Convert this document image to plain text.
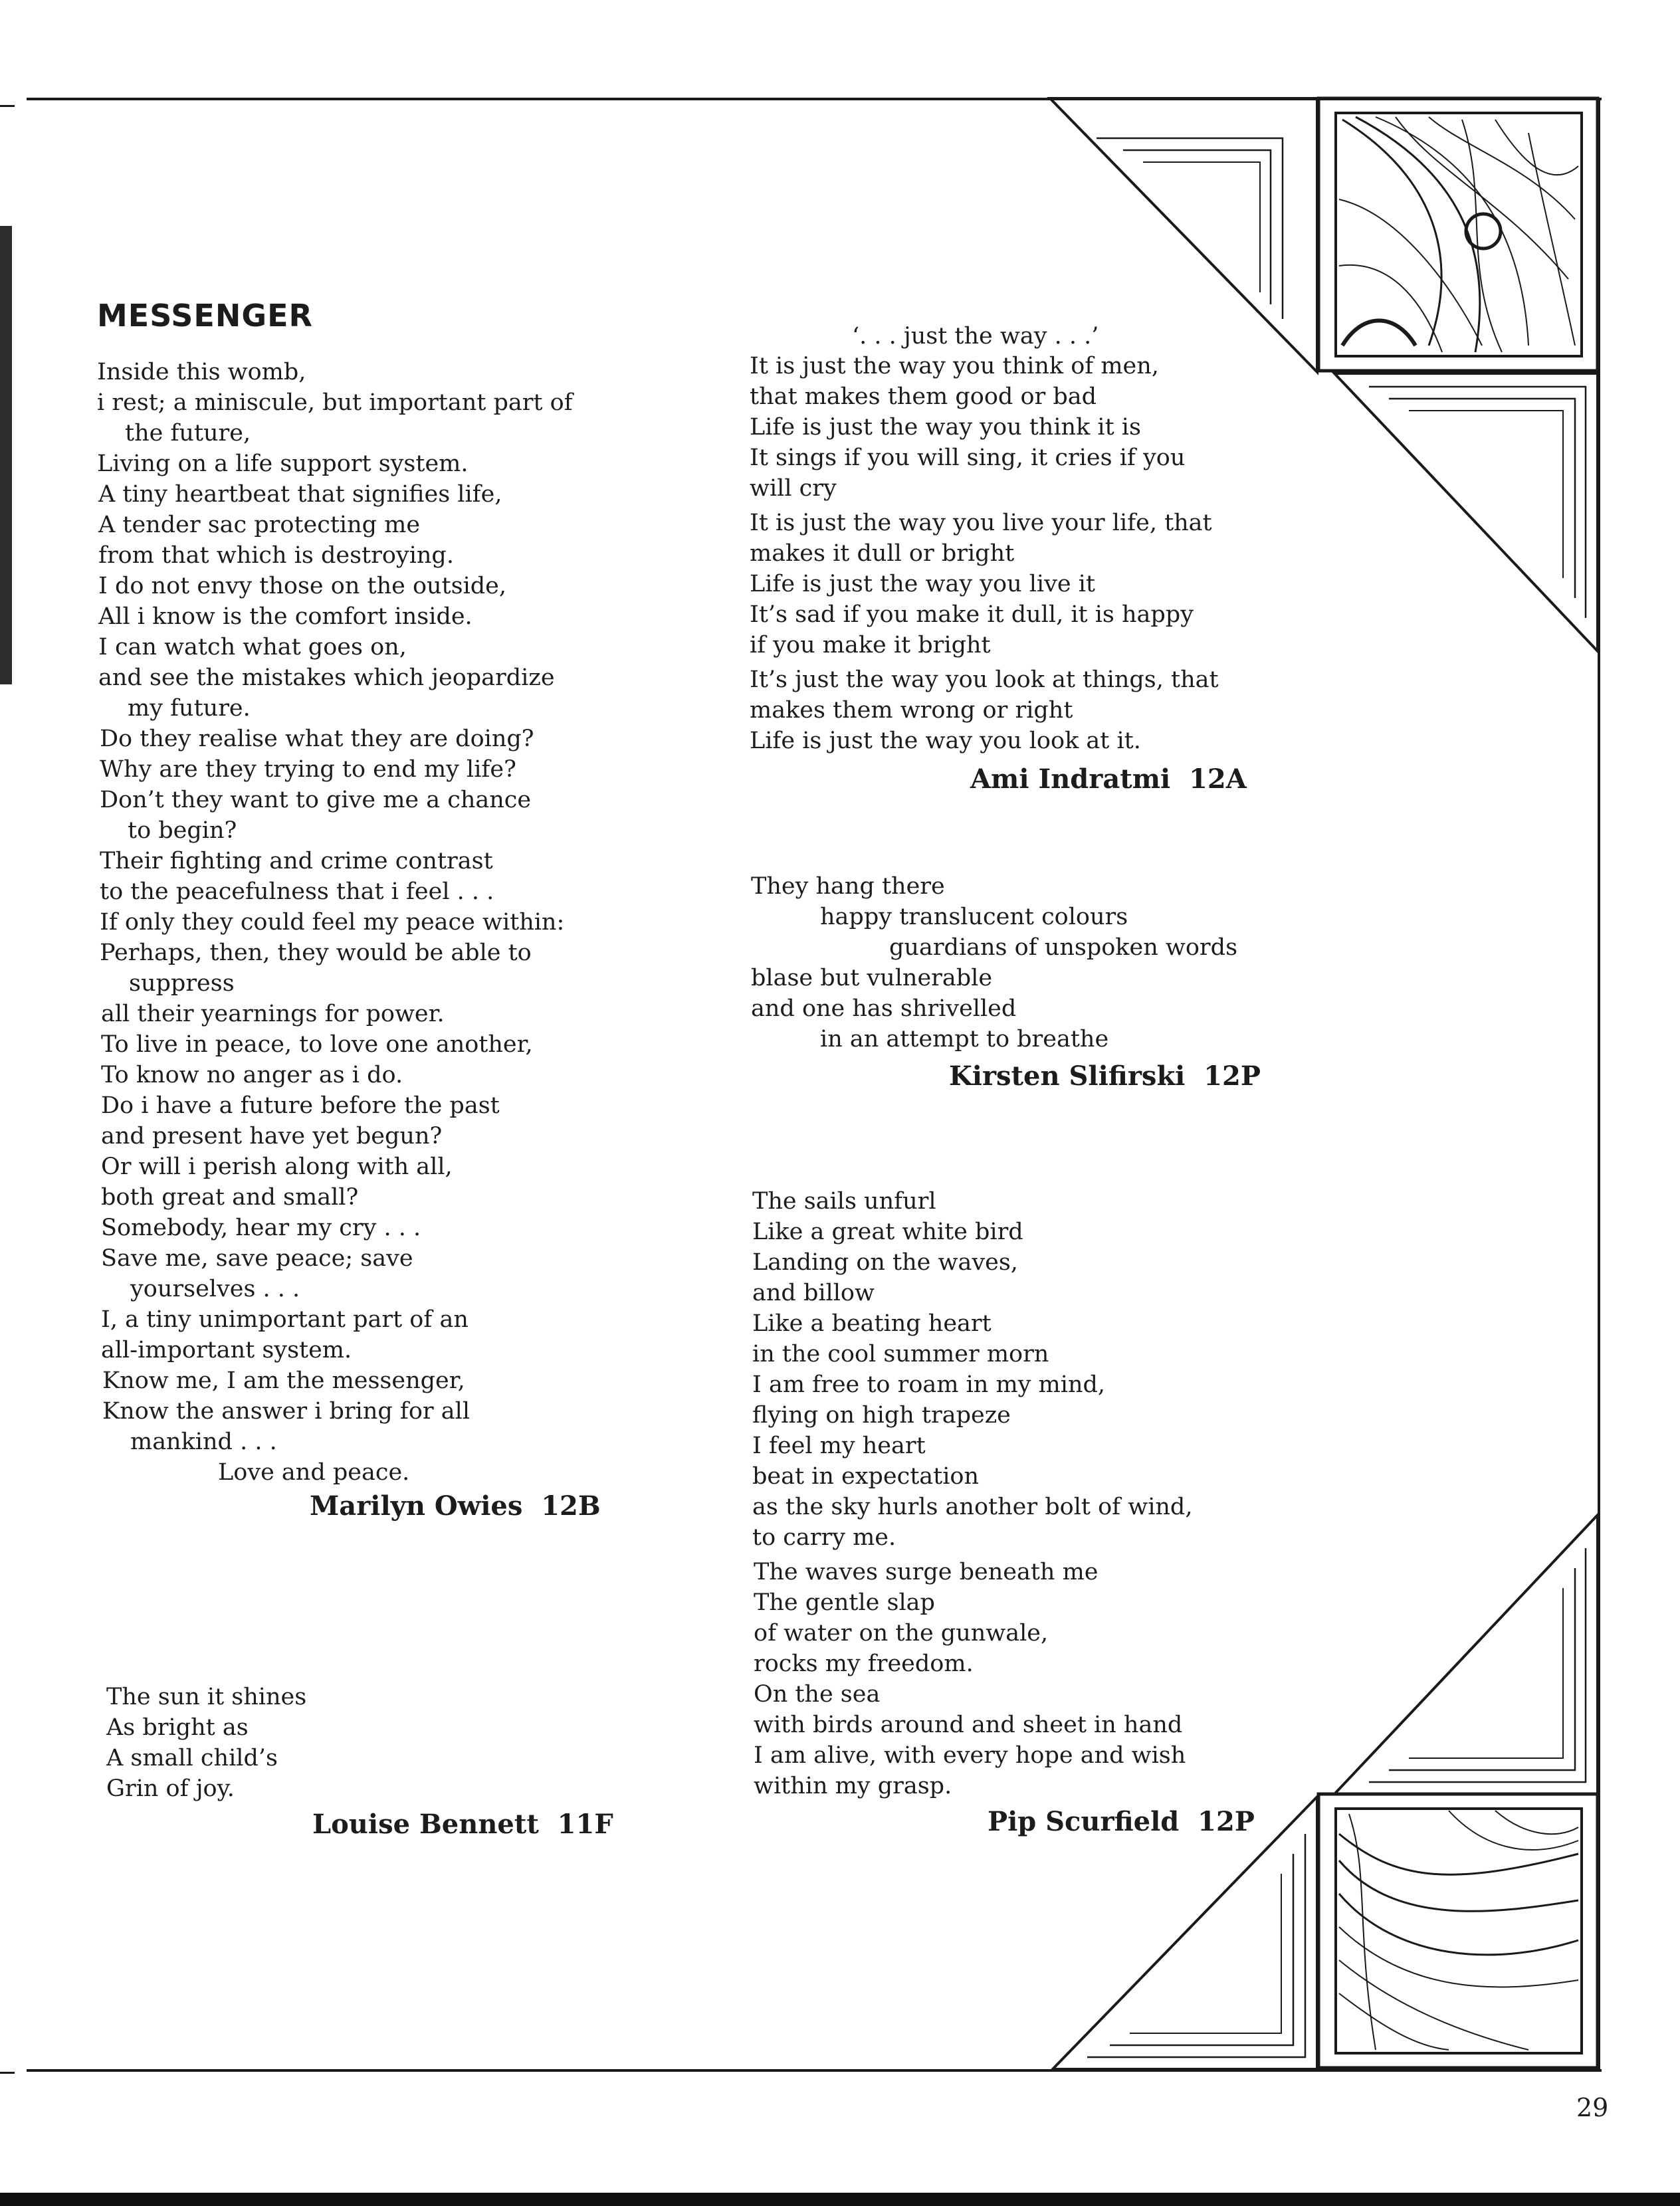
MESSENGER
Inside this womb,
i rest; a miniscule, but important part of
the future,
Living on a life support system.
A tiny heartbeat that signifies life,
A tender sac protecting me
from that which is destroying.
I do not envy those on the outside,
All i know is the comfort inside.
I can watch what goes on,
and see the mistakes which jeopardize
my future.
Do they realise what they are doing?
Why are they trying to end my life?
Don’t they want to give me a chance
to begin?
Their fighting and crime contrast
to the peacefulness that i feel . . .
If only they could feel my peace within:
Perhaps, then, they would be able to
suppress
all their yearnings for power.
To live in peace, to love one another,
To know no anger as i do.
Do i have a future before the past
and present have yet begun?
Or will i perish along with all,
both great and small?
Somebody, hear my cry . . .
Save me, save peace; save
yourselves . . .
I, a tiny unimportant part of an
all-important system.
Know me, I am the messenger,
Know the answer i bring for all
mankind . . .
Love and peace.
Marilyn Owies  12B
The sun it shines
As bright as
A small child’s
Grin of joy.
Louise Bennett  11F
‘. . . just the way . . .’
It is just the way you think of men,
that makes them good or bad
Life is just the way you think it is
It sings if you will sing, it cries if you
will cry
It is just the way you live your life, that
makes it dull or bright
Life is just the way you live it
It’s sad if you make it dull, it is happy
if you make it bright
It’s just the way you look at things, that
makes them wrong or right
Life is just the way you look at it.
Ami Indratmi  12A
They hang there
happy translucent colours
guardians of unspoken words
blase but vulnerable
and one has shrivelled
in an attempt to breathe
Kirsten Slifirski  12P
The sails unfurl
Like a great white bird
Landing on the waves,
and billow
Like a beating heart
in the cool summer morn
I am free to roam in my mind,
flying on high trapeze
I feel my heart
beat in expectation
as the sky hurls another bolt of wind,
to carry me.
The waves surge beneath me
The gentle slap
of water on the gunwale,
rocks my freedom.
On the sea
with birds around and sheet in hand
I am alive, with every hope and wish
within my grasp.
Pip Scurfield  12P
29
